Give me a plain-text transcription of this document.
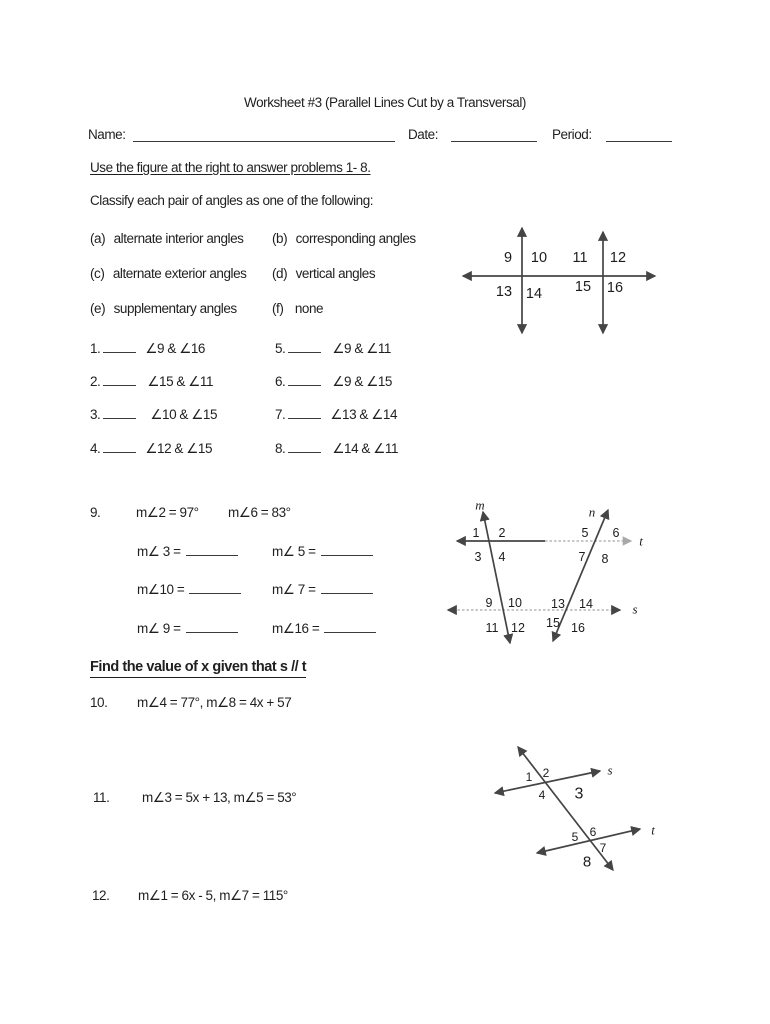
Worksheet #3 (Parallel Lines Cut by a Transversal)
Name:	Date:	Period:
Use the figure at the right to answer problems 1- 8.
Classify each pair of angles as one of the following:
(a) alternate interior angles (b) corresponding angles
(c) alternate exterior angles (d) vertical angles
(e) supplementary angles	(f) none
1.	∠9 & ∠16
2.	∠15 & ∠11
3.	∠10 & ∠15
4.	∠12 & ∠15
5.	∠9 & ∠11
6.	∠9 & ∠15
7.	∠13 & ∠14
8.	∠14 & ∠11
9.	m∠2 = 97° m∠6 = 83°
m∠ 3 =	m∠ 5 =
m∠10 =	m∠ 7 =
m∠ 9 =	m∠16 =
Find the value of x given that s // t
10. m∠4 = 77°, m∠8 = 4x + 57
11. m∠3 = 5x + 13, m∠5 = 53°
12. m∠1 = 6x - 5, m∠7 = 115°
9 10 11 12
13 14 15 16
m	n
t
s
1 2
3 4
5 6
7 8
9 10
11 12
13 14
15 16
s
t
1 2
3
4
5 6
7
8
